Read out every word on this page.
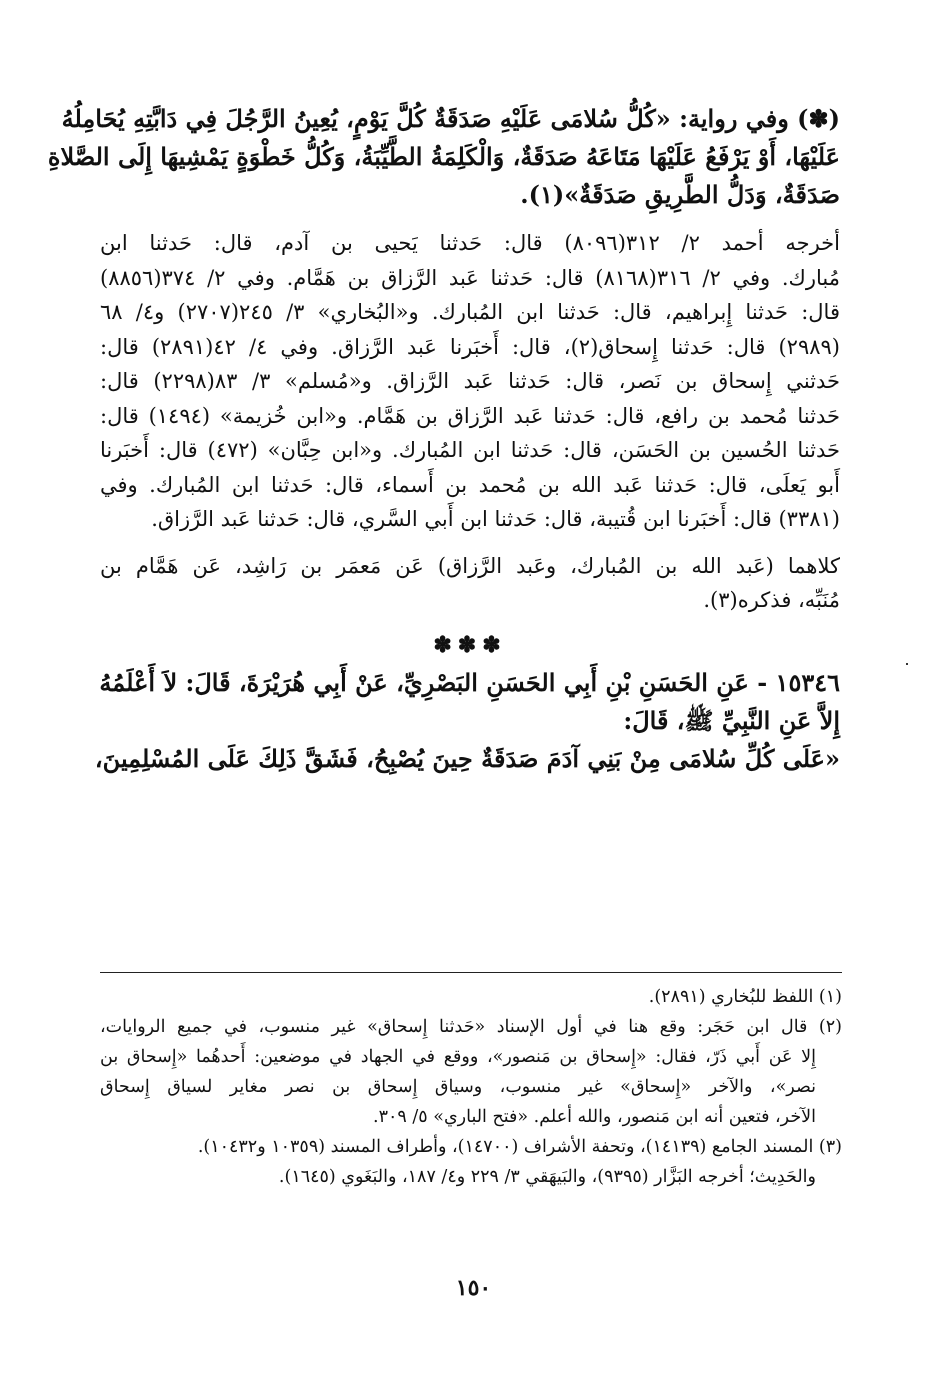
(✽) وفي رواية: «كُلُّ سُلامَى عَلَيْهِ صَدَقَةٌ كُلَّ يَوْمٍ، يُعِينُ الرَّجُلَ فِي دَابَّتِهِ يُحَامِلُهُ
عَلَيْهَا، أَوْ يَرْفَعُ عَلَيْهَا مَتَاعَهُ صَدَقَةٌ، وَالْكَلِمَةُ الطَّيِّبَةُ، وَكُلُّ خَطْوَةٍ يَمْشِيهَا إِلَى الصَّلاةِ
صَدَقَةٌ، وَدَلُّ الطَّرِيقِ صَدَقَةٌ»(١).
أخرجه أحمد ٢/ ٣١٢(٨٠٩٦) قال: حَدثنا يَحيى بن آدم، قال: حَدثنا ابن
مُبارك. وفي ٢/ ٣١٦(٨١٦٨) قال: حَدثنا عَبد الرَّزاق بن هَمَّام. وفي ٢/ ٣٧٤(٨٨٥٦)
قال: حَدثنا إِبراهيم، قال: حَدثنا ابن المُبارك. و«البُخاري» ٣/ ٢٤٥(٢٧٠٧) و٤/ ٦٨
(٢٩٨٩) قال: حَدثنا إِسحاق(٢)، قال: أَخبَرنا عَبد الرَّزاق. وفي ٤/ ٤٢(٢٨٩١) قال:
حَدثني إِسحاق بن نَصر، قال: حَدثنا عَبد الرَّزاق. و«مُسلم» ٣/ ٨٣(٢٢٩٨) قال:
حَدثنا مُحمد بن رافع، قال: حَدثنا عَبد الرَّزاق بن هَمَّام. و«ابن خُزيمة» (١٤٩٤) قال:
حَدثنا الحُسين بن الحَسَن، قال: حَدثنا ابن المُبارك. و«ابن حِبَّان» (٤٧٢) قال: أَخبَرنا
أَبو يَعلَى، قال: حَدثنا عَبد الله بن مُحمد بن أَسماء، قال: حَدثنا ابن المُبارك. وفي
(٣٣٨١) قال: أَخبَرنا ابن قُتيبة، قال: حَدثنا ابن أَبي السَّري، قال: حَدثنا عَبد الرَّزاق.
كلاهما (عَبد الله بن المُبارك، وعَبد الرَّزاق) عَن مَعمَر بن رَاشِد، عَن هَمَّام بن
مُنَبِّه، فذكره(٣).
✽✽✽
١٥٣٤٦ - عَنِ الحَسَنِ بْنِ أَبِي الحَسَنِ البَصْرِيِّ، عَنْ أَبِي هُرَيْرَةَ، قَالَ: لاَ أَعْلَمُهُ
إِلاَّ عَنِ النَّبِيِّ ﷺ، قَالَ:
«عَلَى كُلِّ سُلامَى مِنْ بَنِي آدَمَ صَدَقَةٌ حِينَ يُصْبِحُ، فَشَقَّ ذَلِكَ عَلَى المُسْلِمِينَ،
(١) اللفظ للبُخاري (٢٨٩١).
(٢) قال ابن حَجَر: وقع هنا في أول الإسناد «حَدثنا إِسحاق» غير منسوب، في جميع الروايات،
إِلا عَن أَبي ذَرّ، فقال: «إِسحاق بن مَنصور»، ووقع في الجهاد في موضعين: أَحدهُما «إِسحاق بن
نصر»، والآخر «إِسحاق» غير منسوب، وسياق إِسحاق بن نصر مغاير لسياق إِسحاق
الآخر، فتعين أنه ابن مَنصور، والله أعلم. «فتح الباري» ٥/ ٣٠٩.
(٣) المسند الجامع (١٤١٣٩)، وتحفة الأشراف (١٤٧٠٠)، وأطراف المسند (١٠٣٥٩ و١٠٤٣٢).
والحَدِيث؛ أخرجه البَزَّار (٩٣٩٥)، والبَيهَقي ٣/ ٢٢٩ و٤/ ١٨٧، والبَغَوي (١٦٤٥).
١٥٠
